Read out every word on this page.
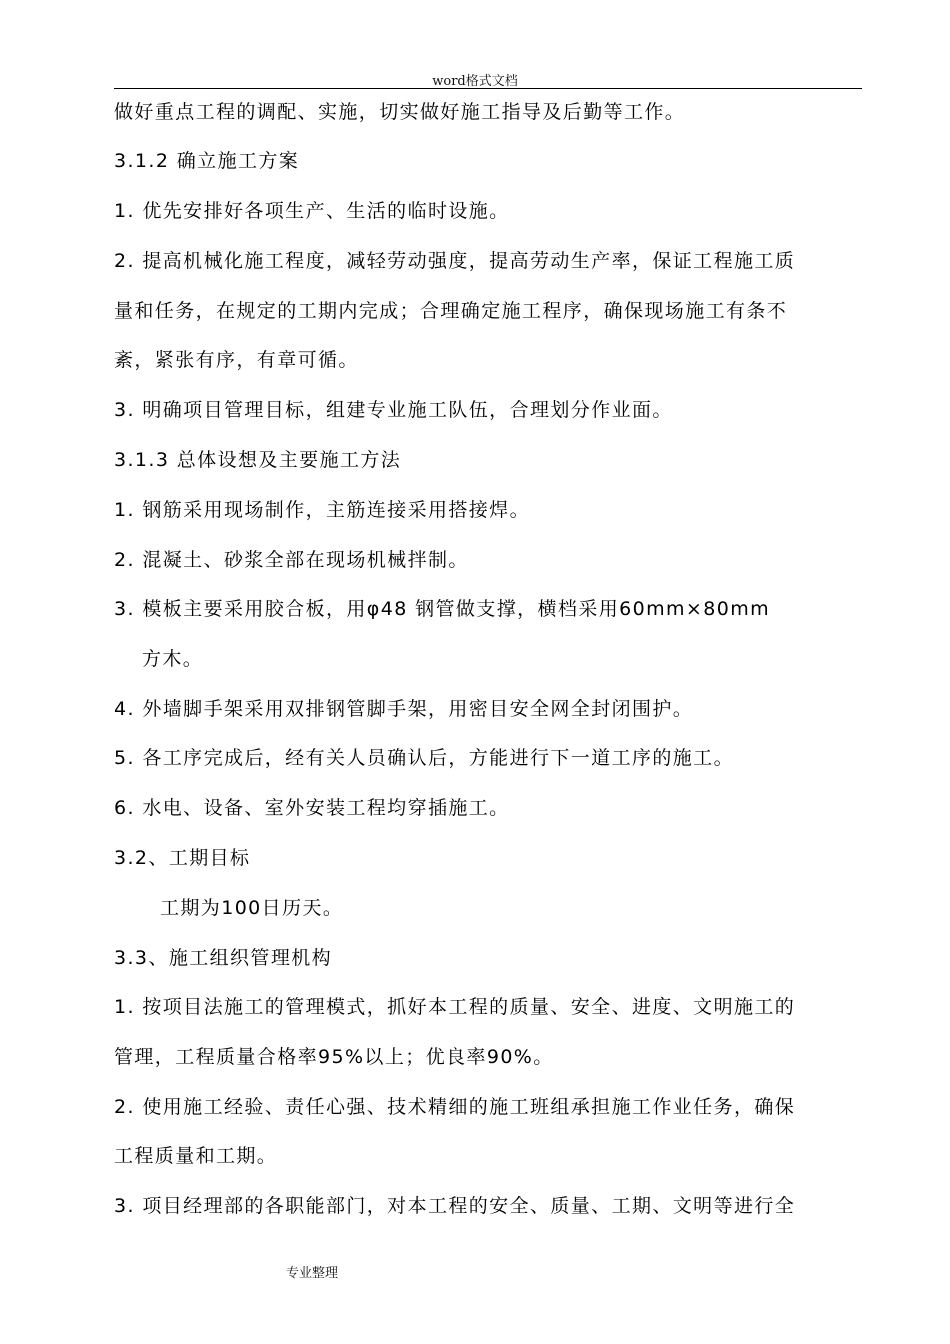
word格式文档
做好重点工程的调配、实施，切实做好施工指导及后勤等工作。
3.1.2 确立施工方案
1. 优先安排好各项生产、生活的临时设施。
2. 提高机械化施工程度，减轻劳动强度，提高劳动生产率，保证工程施工质
量和任务，在规定的工期内完成；合理确定施工程序，确保现场施工有条不
紊，紧张有序，有章可循。
3. 明确项目管理目标，组建专业施工队伍，合理划分作业面。
3.1.3 总体设想及主要施工方法
1. 钢筋采用现场制作，主筋连接采用搭接焊。
2. 混凝土、砂浆全部在现场机械拌制。
3. 模板主要采用胶合板，用φ48 钢管做支撑，横档采用60mm×80mm
方木。
4. 外墙脚手架采用双排钢管脚手架，用密目安全网全封闭围护。
5. 各工序完成后，经有关人员确认后，方能进行下一道工序的施工。
6. 水电、设备、室外安装工程均穿插施工。
3.2、工期目标
工期为100日历天。
3.3、施工组织管理机构
1. 按项目法施工的管理模式，抓好本工程的质量、安全、进度、文明施工的
管理，工程质量合格率95%以上；优良率90%。
2. 使用施工经验、责任心强、技术精细的施工班组承担施工作业任务，确保
工程质量和工期。
3. 项目经理部的各职能部门，对本工程的安全、质量、工期、文明等进行全
专业整理
